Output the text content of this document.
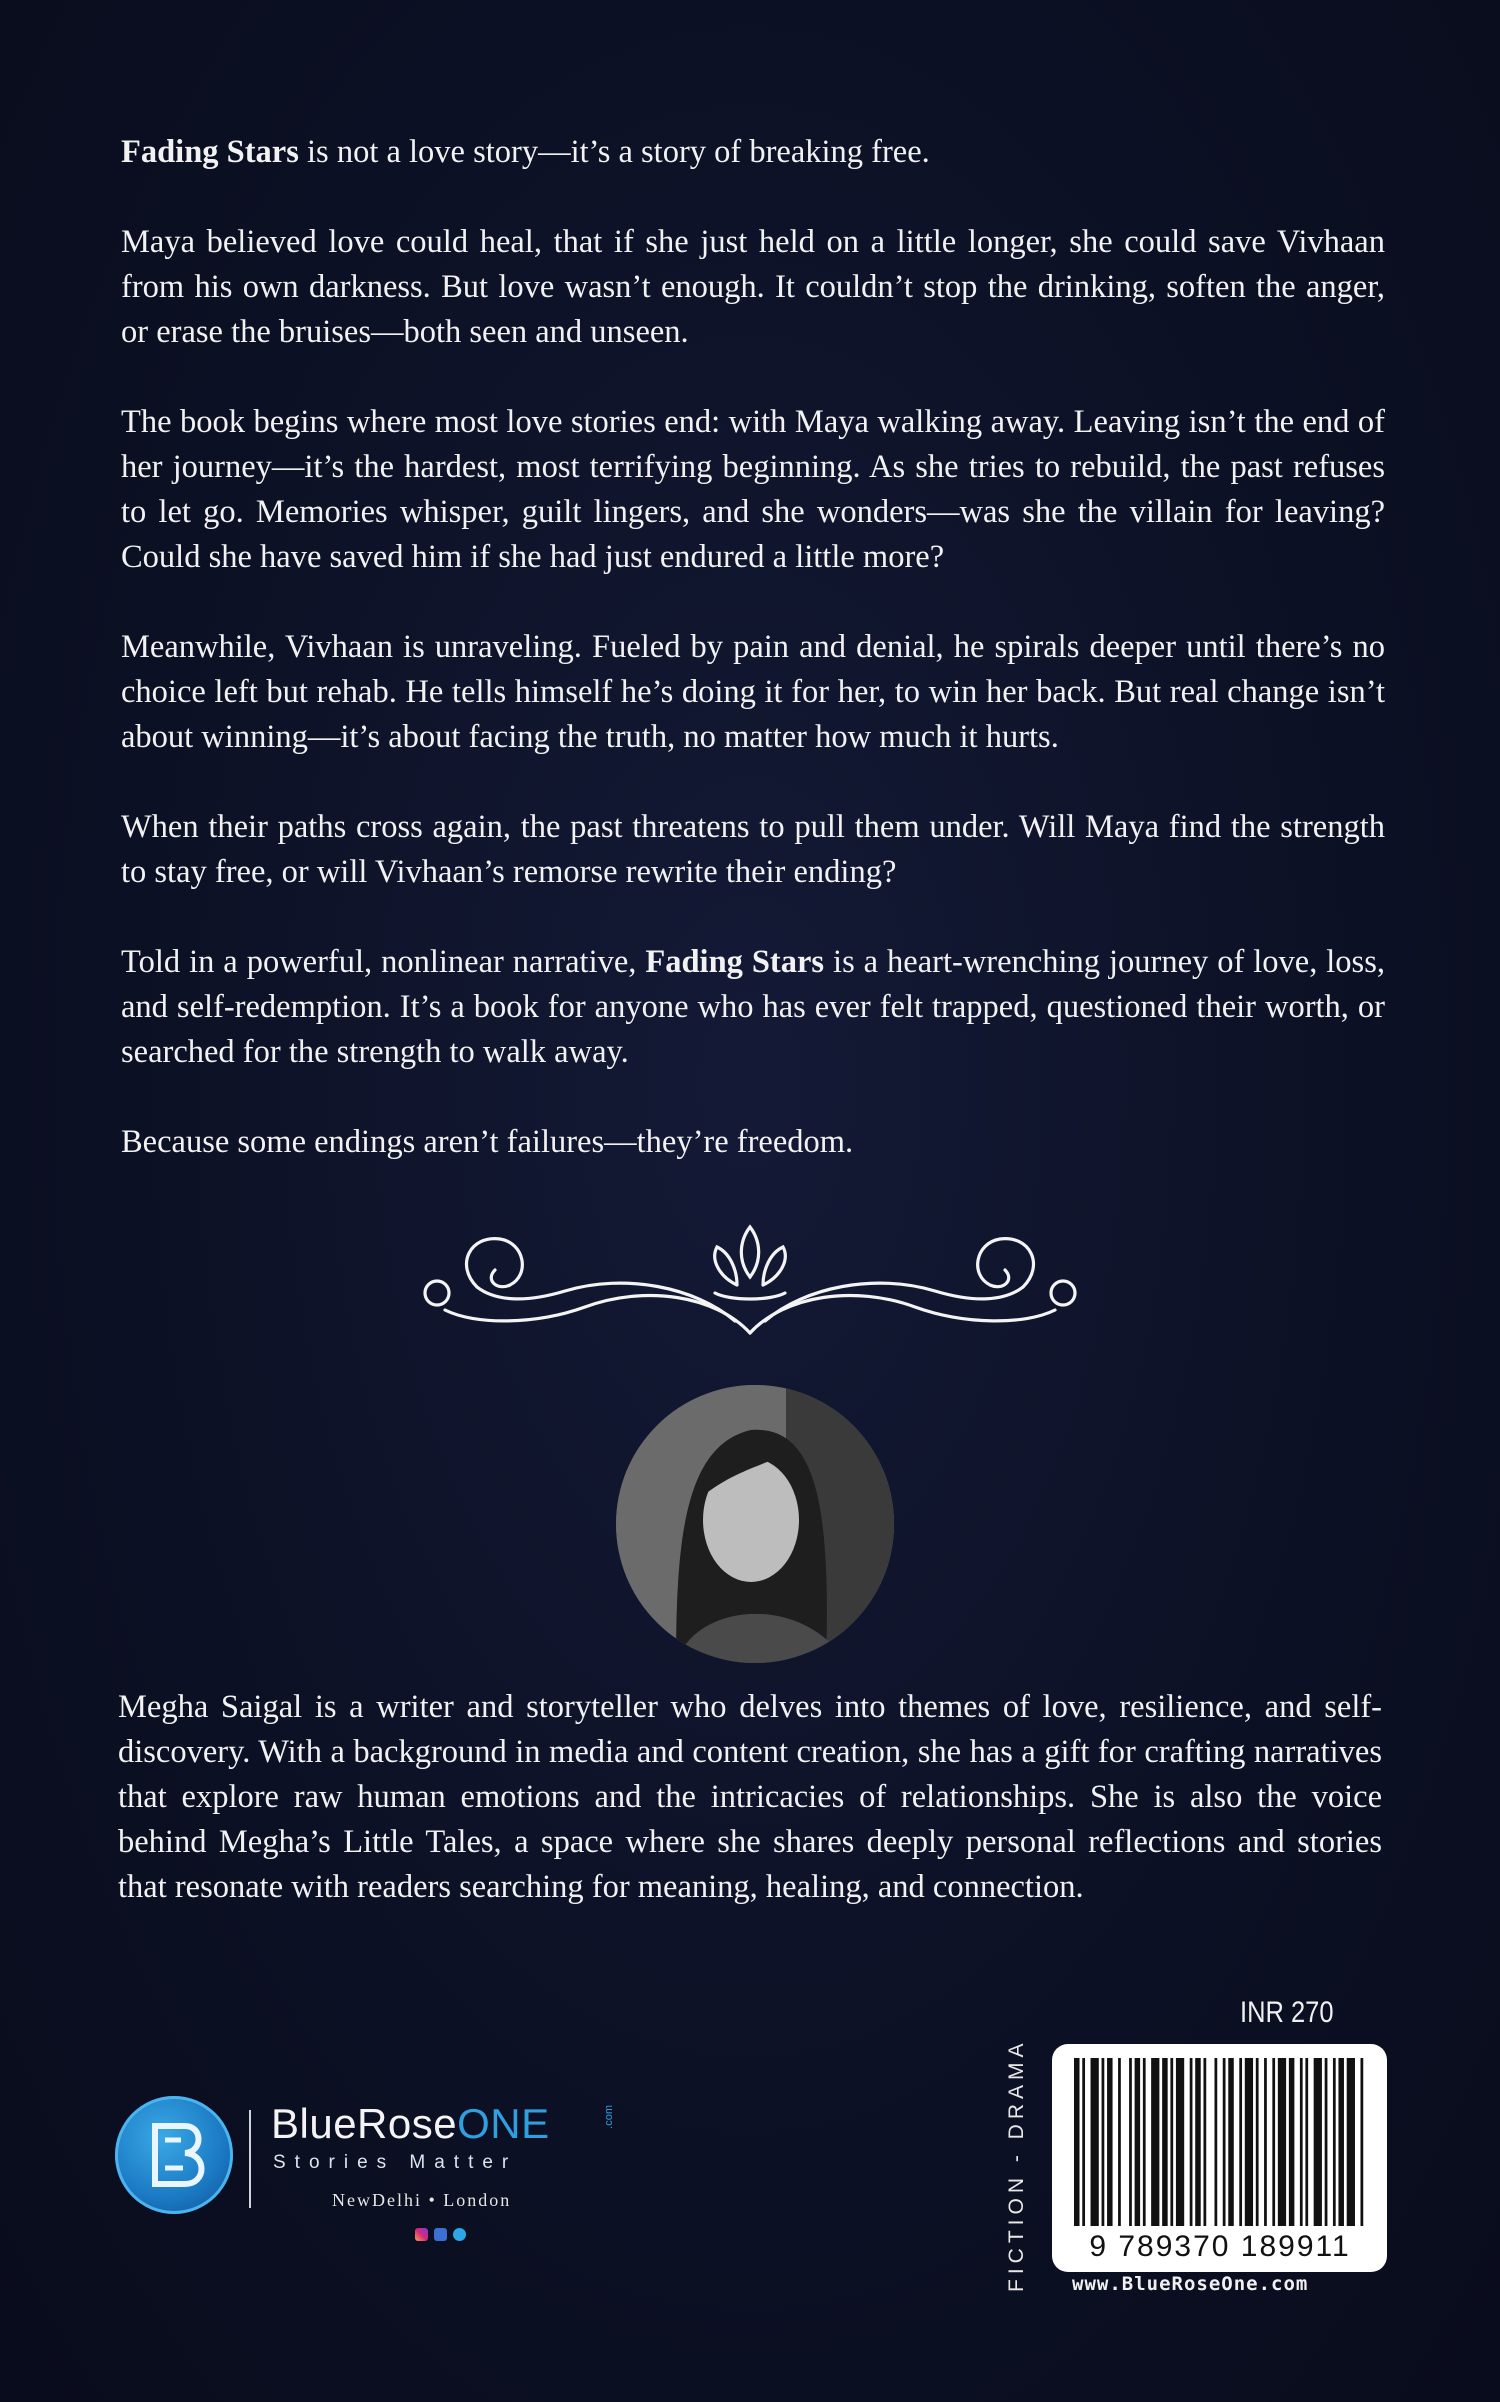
Fading Stars is not a love story—it’s a story of breaking free.

Maya believed love could heal, that if she just held on a little longer, she could save Vivhaan from his own darkness. But love wasn’t enough. It couldn’t stop the drinking, soften the anger, or erase the bruises—both seen and unseen.

The book begins where most love stories end: with Maya walking away. Leaving isn’t the end of her journey—it’s the hardest, most terrifying beginning. As she tries to rebuild, the past refuses to let go. Memories whisper, guilt lingers, and she wonders—was she the villain for leaving? Could she have saved him if she had just endured a little more?

Meanwhile, Vivhaan is unraveling. Fueled by pain and denial, he spirals deeper until there’s no choice left but rehab. He tells himself he’s doing it for her, to win her back. But real change isn’t about winning—it’s about facing the truth, no matter how much it hurts.

When their paths cross again, the past threatens to pull them under. Will Maya find the strength to stay free, or will Vivhaan’s remorse rewrite their ending?

Told in a powerful, nonlinear narrative, Fading Stars is a heart-wrenching journey of love, loss, and self-redemption. It’s a book for anyone who has ever felt trapped, questioned their worth, or searched for the strength to walk away.

Because some endings aren’t failures—they’re freedom.

Megha Saigal is a writer and storyteller who delves into themes of love, resilience, and self-discovery. With a background in media and content creation, she has a gift for crafting narratives that explore raw human emotions and the intricacies of relationships. She is also the voice behind Megha’s Little Tales, a space where she shares deeply personal reflections and stories that resonate with readers searching for meaning, healing, and connection.

BlueRoseONE	.com
Stories Matter
NewDelhi • London
	FICTION - DRAMA
INR 270
9 789370 189911
www.BlueRoseOne.com
